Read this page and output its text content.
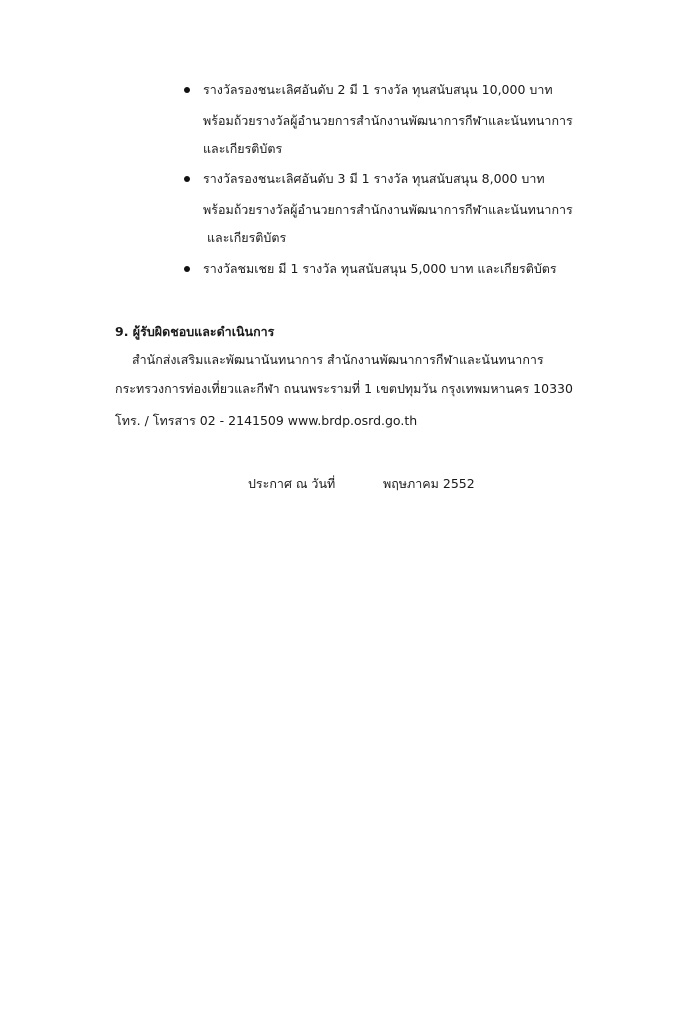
รางวัลรองชนะเลิศอันดับ 2 มี 1 รางวัล ทุนสนับสนุน 10,000 บาท
พร้อมถ้วยรางวัลผู้อำนวยการสำนักงานพัฒนาการกีฬาและนันทนาการ
และเกียรติบัตร
รางวัลรองชนะเลิศอันดับ 3 มี 1 รางวัล ทุนสนับสนุน 8,000 บาท
พร้อมถ้วยรางวัลผู้อำนวยการสำนักงานพัฒนาการกีฬาและนันทนาการ
และเกียรติบัตร
รางวัลชมเชย มี 1 รางวัล ทุนสนับสนุน 5,000 บาท และเกียรติบัตร
9. ผู้รับผิดชอบและดำเนินการ
สำนักส่งเสริมและพัฒนานันทนาการ สำนักงานพัฒนาการกีฬาและนันทนาการ
กระทรวงการท่องเที่ยวและกีฬา ถนนพระรามที่ 1 เขตปทุมวัน กรุงเทพมหานคร 10330
โทร. / โทรสาร 02 - 2141509 www.brdp.osrd.go.th
ประกาศ ณ วันที่	พฤษภาคม 2552
